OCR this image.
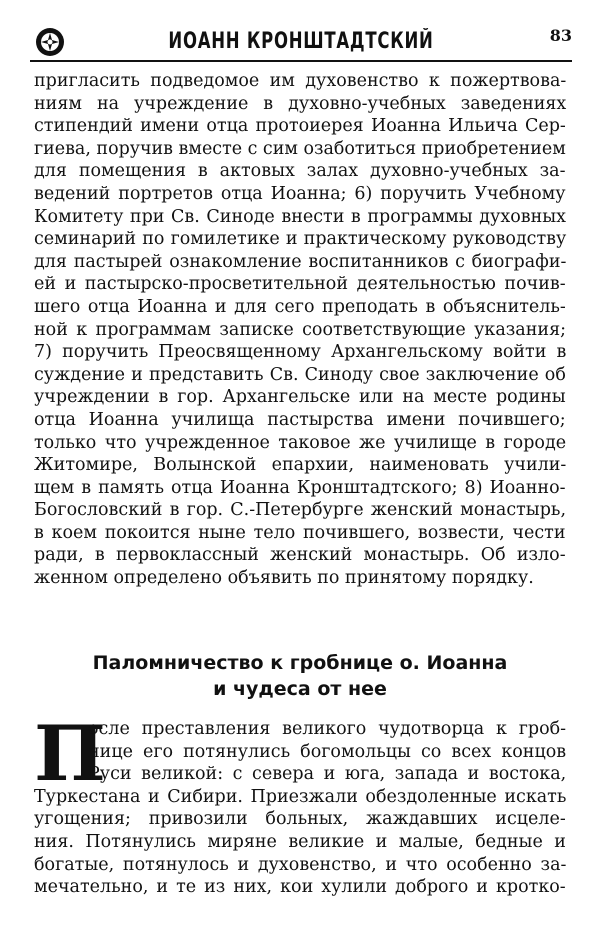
ИОАНН КРОНШТАДТСКИЙ	83
пригласить подведомое им духовенство к пожертвова-
ниям на учреждение в духовно-учебных заведениях
стипендий имени отца протоиерея Иоанна Ильича Сер-
гиева, поручив вместе с сим озаботиться приобретением
для помещения в актовых залах духовно-учебных за-
ведений портретов отца Иоанна; 6) поручить Учебному
Комитету при Св. Синоде внести в программы духовных
семинарий по гомилетике и практическому руководству
для пастырей ознакомление воспитанников с биографи-
ей и пастырско-просветительной деятельностью почив-
шего отца Иоанна и для сего преподать в объяснитель-
ной к программам записке соответствующие указания;
7) поручить Преосвященному Архангельскому войти в
суждение и представить Св. Синоду свое заключение об
учреждении в гор. Архангельске или на месте родины
отца Иоанна училища пастырства имени почившего;
только что учрежденное таковое же училище в городе
Житомире, Волынской епархии, наименовать учили-
щем в память отца Иоанна Кронштадтского; 8) Иоанно-
Богословский в гор. С.-Петербурге женский монастырь,
в коем покоится ныне тело почившего, возвести, чести
ради, в первоклассный женский монастырь. Об изло-
женном определено объявить по принятому порядку.
Паломничество к гробнице о. Иоанна
и чудеса от нее
П
осле преставления великого чудотворца к гроб-
нице его потянулись богомольцы со всех концов
Руси великой: с севера и юга, запада и востока,
Туркестана и Сибири. Приезжали обездоленные искать
угощения; привозили больных, жаждавших исцеле-
ния. Потянулись миряне великие и малые, бедные и
богатые, потянулось и духовенство, и что особенно за-
мечательно, и те из них, кои хулили доброго и кротко-
